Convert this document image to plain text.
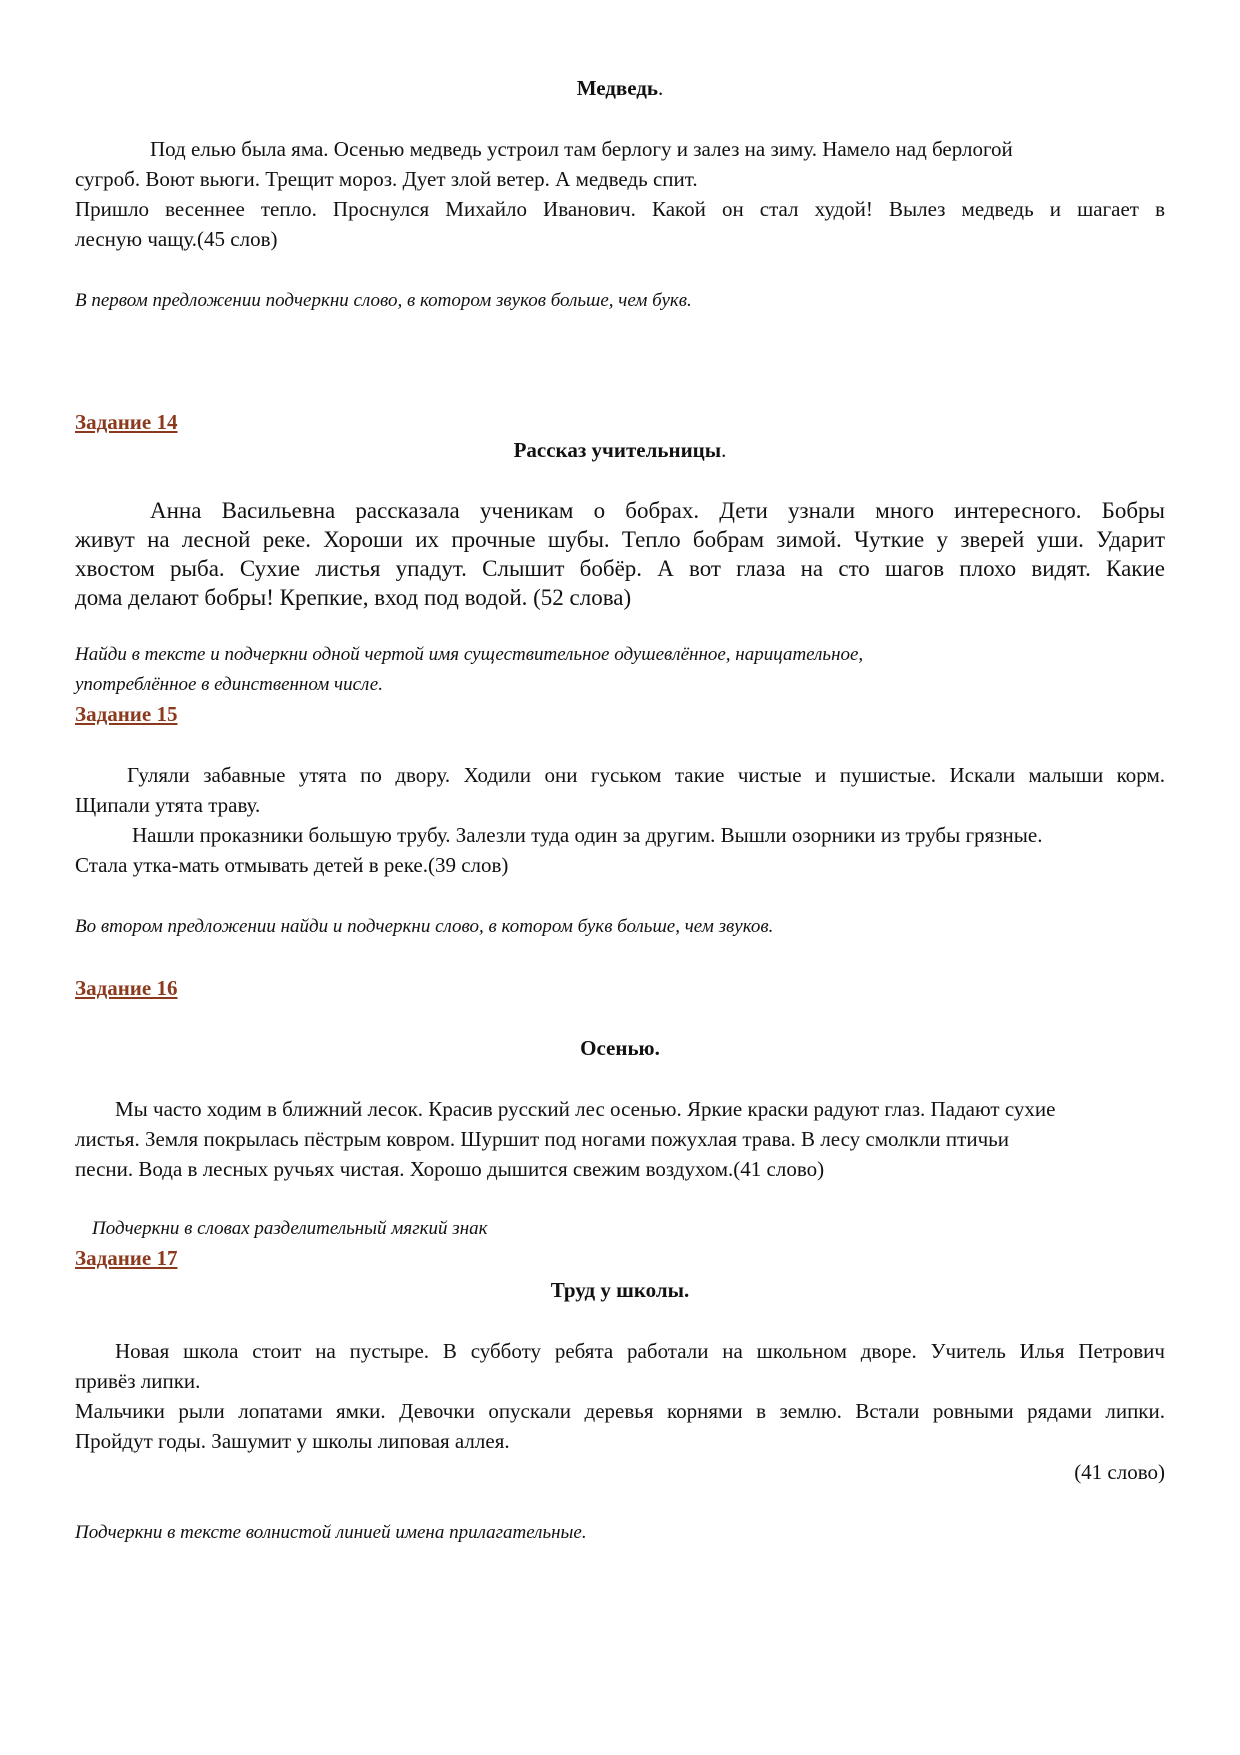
Медведь.
Под елью была яма. Осенью медведь устроил там берлогу и залез на зиму. Намело над берлогой
сугроб. Воют вьюги. Трещит мороз. Дует злой ветер. А медведь спит.
Пришло весеннее тепло. Проснулся Михайло Иванович. Какой он стал худой! Вылез медведь и шагает в
лесную чащу.(45 слов)
В первом предложении подчеркни слово, в котором звуков больше, чем букв.
Задание 14
Рассказ учительницы.
Анна Васильевна рассказала ученикам о бобрах. Дети узнали много интересного. Бобры
живут на лесной реке. Хороши их прочные шубы. Тепло бобрам зимой. Чуткие у зверей уши. Ударит
хвостом рыба. Сухие листья упадут. Слышит бобёр. А вот глаза на сто шагов плохо видят. Какие
дома делают бобры! Крепкие, вход под водой. (52 слова)
Найди в тексте и подчеркни одной чертой имя существительное одушевлённое, нарицательное,
употреблённое в единственном числе.
Задание 15
Гуляли забавные утята по двору. Ходили они гуськом такие чистые и пушистые. Искали малыши корм.
Щипали утята траву.
Нашли проказники большую трубу. Залезли туда один за другим. Вышли озорники из трубы грязные.
Стала утка-мать отмывать детей в реке.(39 слов)
Во втором предложении найди и подчеркни слово, в котором букв больше, чем звуков.
Задание 16
Осенью.
Мы часто ходим в ближний лесок. Красив русский лес осенью. Яркие краски радуют глаз. Падают сухие
листья. Земля покрылась пёстрым ковром. Шуршит под ногами пожухлая трава. В лесу смолкли птичьи
песни. Вода в лесных ручьях чистая. Хорошо дышится свежим воздухом.(41 слово)
Подчеркни в словах разделительный мягкий знак
Задание 17
Труд у школы.
Новая школа стоит на пустыре. В субботу ребята работали на школьном дворе. Учитель Илья Петрович
привёз липки.
Мальчики рыли лопатами ямки. Девочки опускали деревья корнями в землю. Встали ровными рядами липки.
Пройдут годы. Зашумит у школы липовая аллея.
(41 слово)
Подчеркни в тексте волнистой линией имена прилагательные.
